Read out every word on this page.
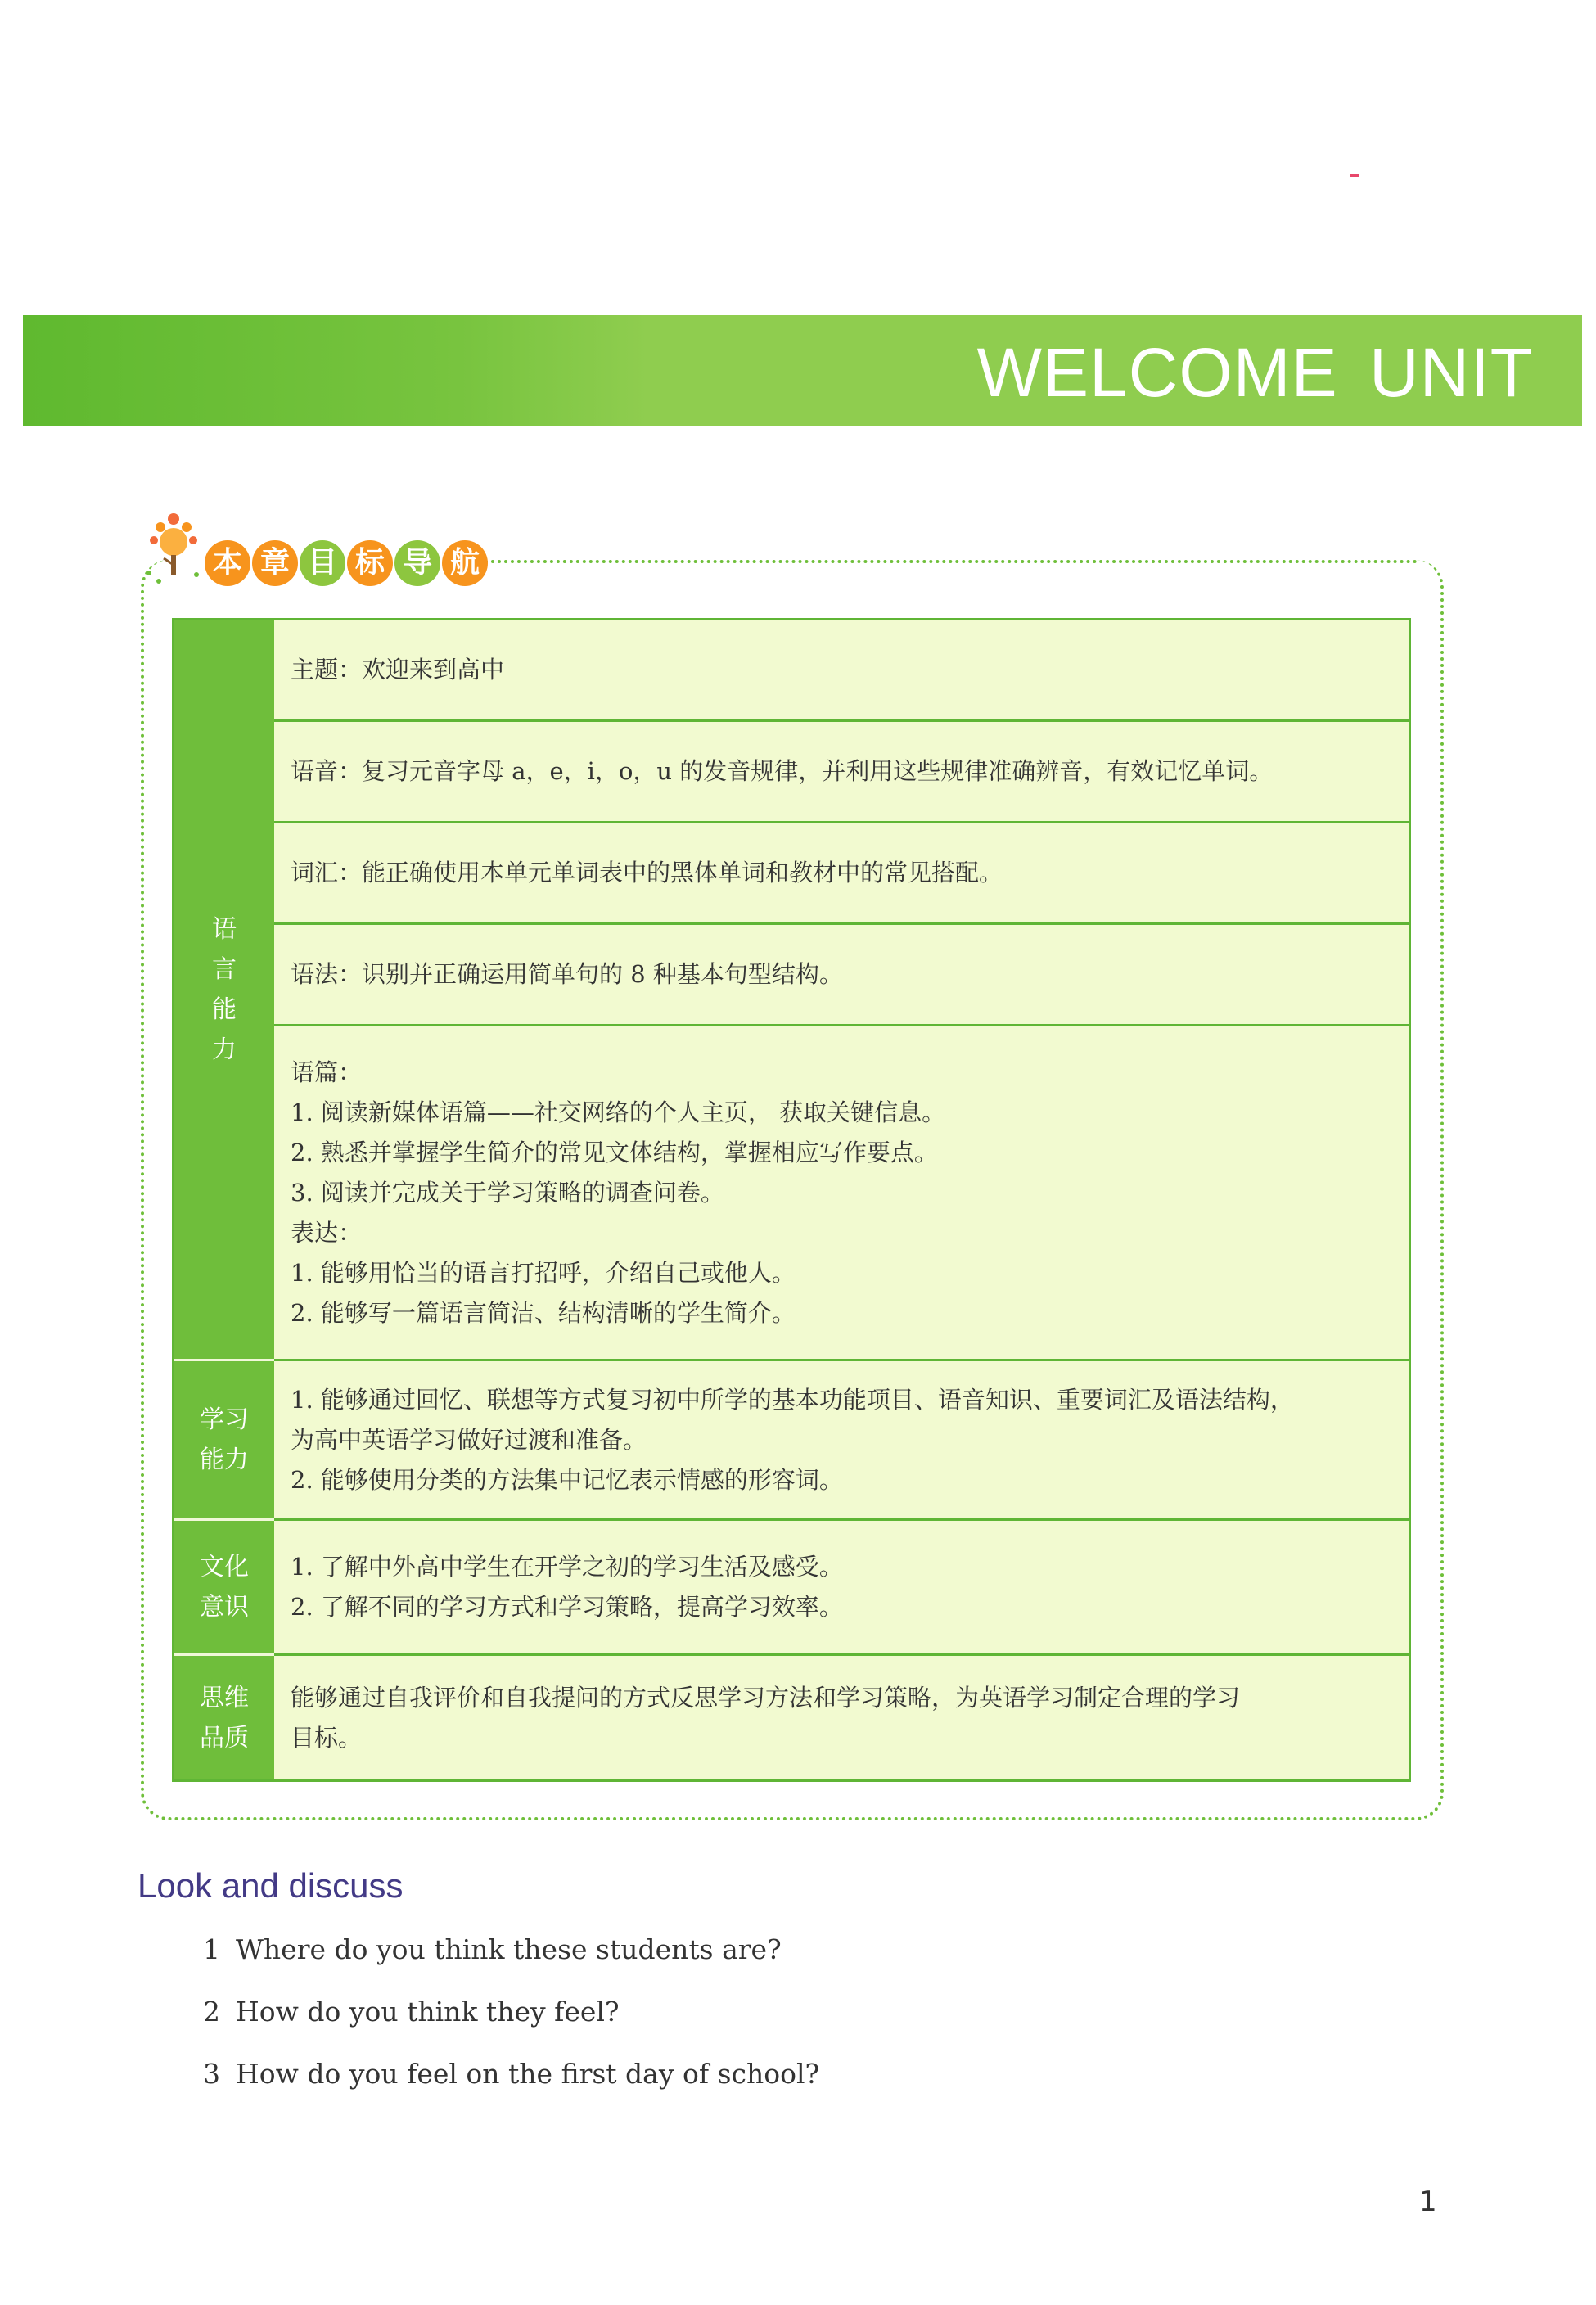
WELCOME UNIT
本 章 目 标 导 航
语
言
能
力
学习
能力
文化
意识
思维
品质
主题：欢迎来到高中
语音：复习元音字母 a，e，i，o，u 的发音规律，并利用这些规律准确辨音，有效记忆单词。
词汇：能正确使用本单元单词表中的黑体单词和教材中的常见搭配。
语法：识别并正确运用简单句的 8 种基本句型结构。
语篇：
1. 阅读新媒体语篇——社交网络的个人主页， 获取关键信息。
2. 熟悉并掌握学生简介的常见文体结构，掌握相应写作要点。
3. 阅读并完成关于学习策略的调查问卷。
表达：
1. 能够用恰当的语言打招呼，介绍自己或他人。
2. 能够写一篇语言简洁、结构清晰的学生简介。
1. 能够通过回忆、联想等方式复习初中所学的基本功能项目、语音知识、重要词汇及语法结构，
为高中英语学习做好过渡和准备。
2. 能够使用分类的方法集中记忆表示情感的形容词。
1. 了解中外高中学生在开学之初的学习生活及感受。
2. 了解不同的学习方式和学习策略，提高学习效率。
能够通过自我评价和自我提问的方式反思学习方法和学习策略，为英语学习制定合理的学习
目标。
Look and discuss
1 Where do you think these students are?
2 How do you think they feel?
3 How do you feel on the first day of school?
1
